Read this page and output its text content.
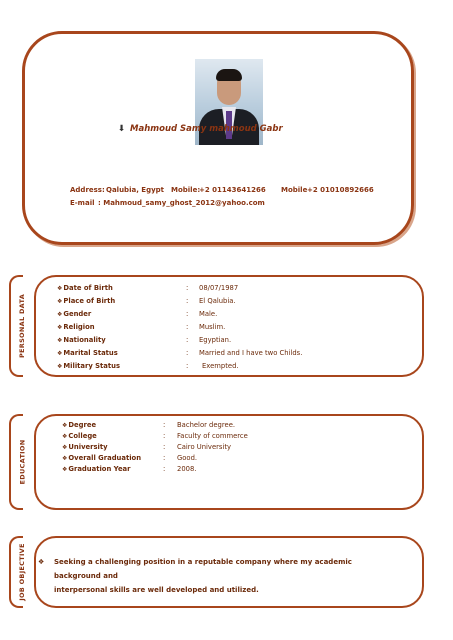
⬇ Mahmoud Samy mahmoud Gabr
Address: Qalubia, Egypt Mobile:
+2 01143641266 Mobile +2 01010892666
E-mail : Mahmoud_samy_ghost_2012@yahoo.com
PERSONAL DATA
❖ Date of Birth	: 08/07/1987
❖ Place of Birth	: El Qalubia.
❖ Gender	: Male.
❖ Religion	: Muslim.
❖ Nationality	: Egyptian.
❖ Marital Status	: Married and I have two Childs.
❖ Military Status	: Exempted.
EDUCATION
❖ Degree	: Bachelor degree.
❖ College	: Faculty of commerce
❖ University	: Cairo University
❖ Overall Graduation	: Good.
❖ Graduation Year	: 2008.
JOB OBJECTIVE ❖	Seeking a challenging position in a reputable company where my academic background and
interpersonal skills are well developed and utilized.
